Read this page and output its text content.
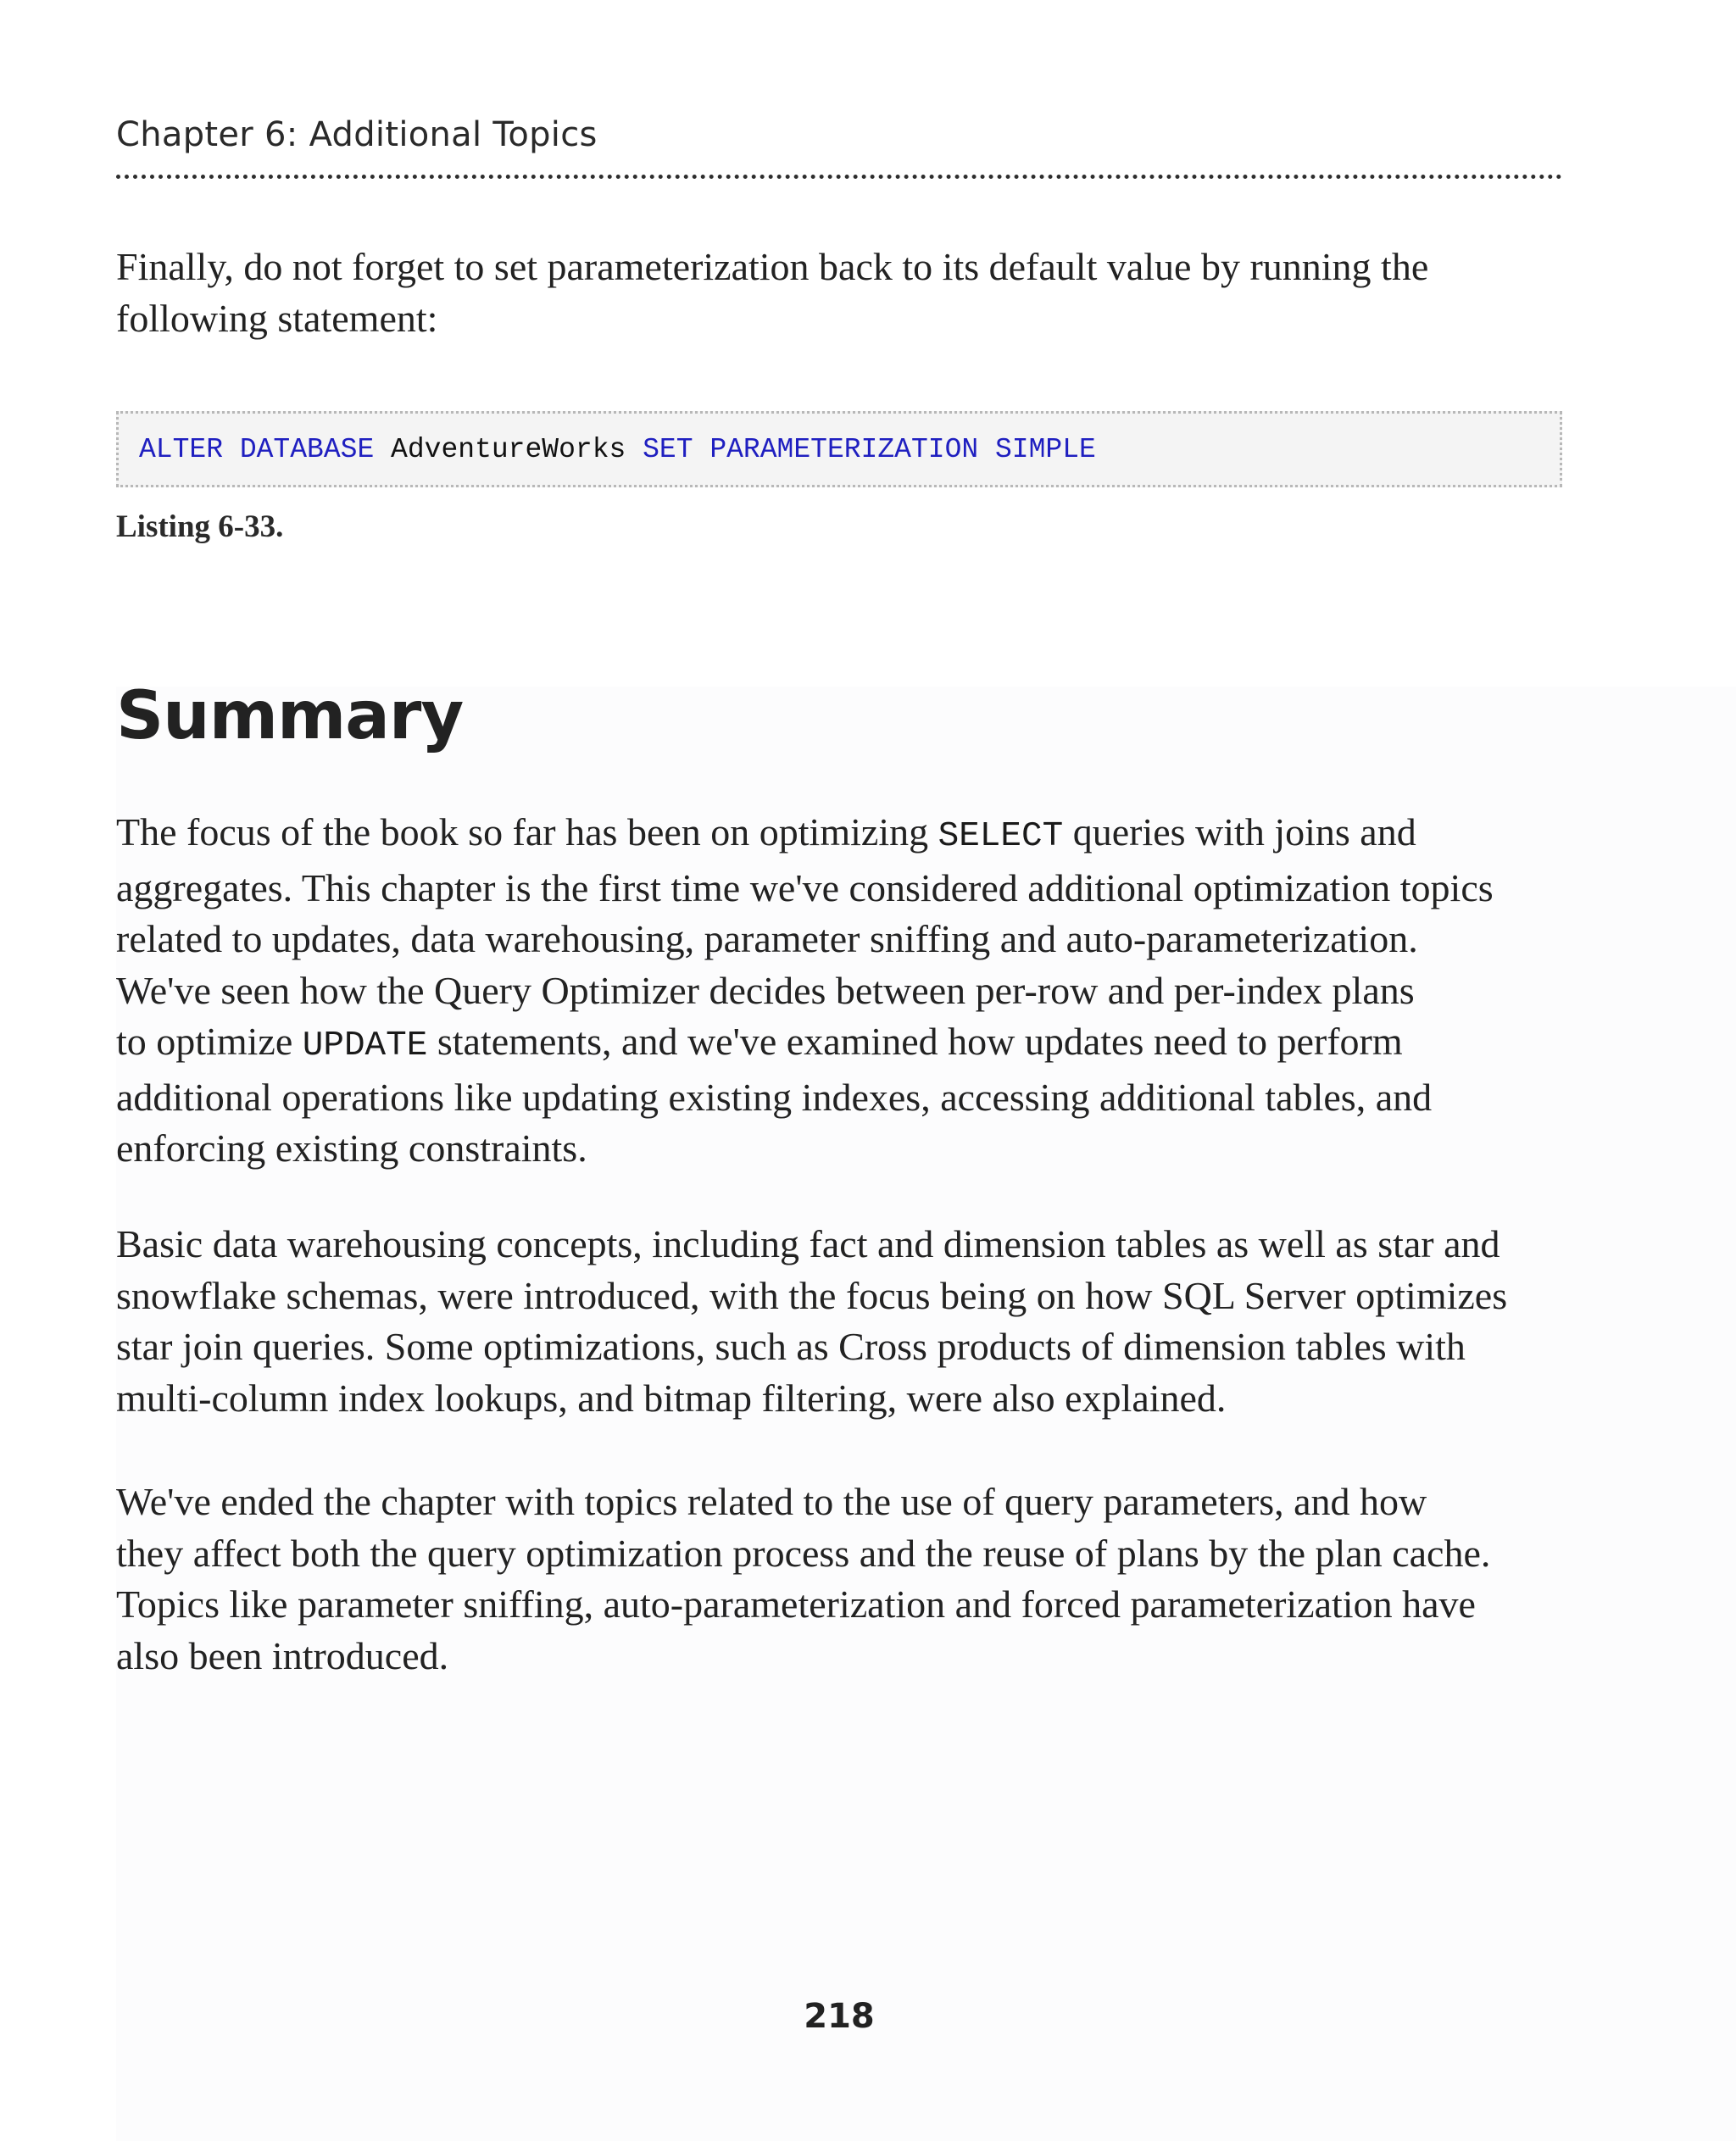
Chapter 6: Additional Topics

Finally, do not forget to set parameterization back to its default value by running the
following statement:

ALTER DATABASE AdventureWorks SET PARAMETERIZATION SIMPLE

Listing 6-33.

Summary

The focus of the book so far has been on optimizing SELECT queries with joins and
aggregates. This chapter is the first time we've considered additional optimization topics
related to updates, data warehousing, parameter sniffing and auto-parameterization.
We've seen how the Query Optimizer decides between per-row and per-index plans
to optimize UPDATE statements, and we've examined how updates need to perform
additional operations like updating existing indexes, accessing additional tables, and
enforcing existing constraints.

Basic data warehousing concepts, including fact and dimension tables as well as star and
snowflake schemas, were introduced, with the focus being on how SQL Server optimizes
star join queries. Some optimizations, such as Cross products of dimension tables with
multi-column index lookups, and bitmap filtering, were also explained.

We've ended the chapter with topics related to the use of query parameters, and how
they affect both the query optimization process and the reuse of plans by the plan cache.
Topics like parameter sniffing, auto-parameterization and forced parameterization have
also been introduced.

218
